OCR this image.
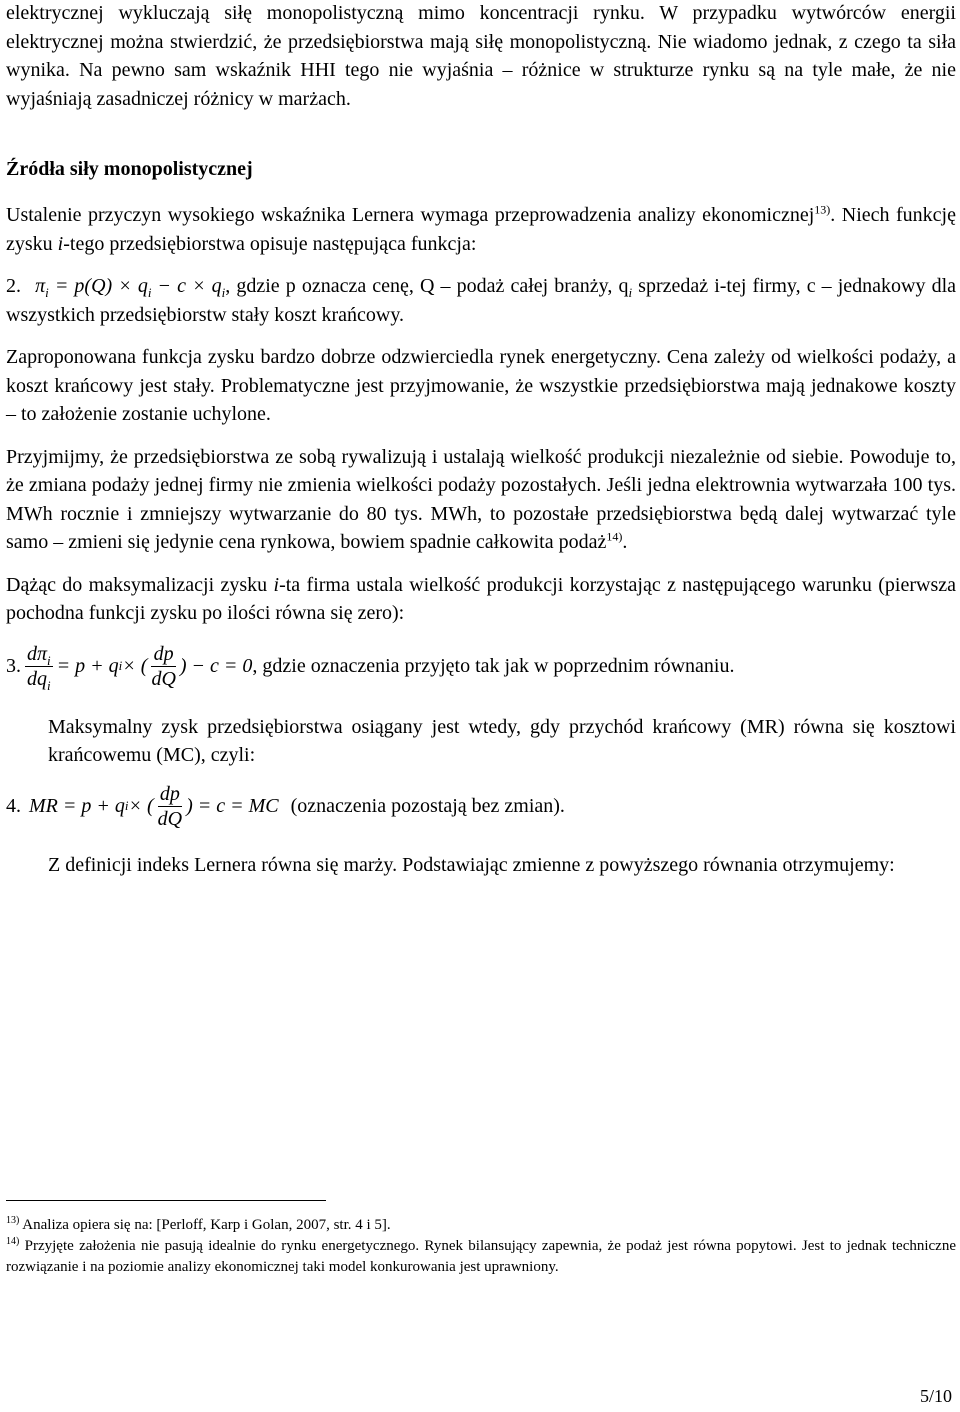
elektrycznej wykluczają siłę monopolistyczną mimo koncentracji rynku. W przypadku wytwórców energii elektrycznej można stwierdzić, że przedsiębiorstwa mają siłę monopolistyczną. Nie wiadomo jednak, z czego ta siła wynika. Na pewno sam wskaźnik HHI tego nie wyjaśnia – różnice w strukturze rynku są na tyle małe, że nie wyjaśniają zasadniczej różnicy w marżach.

Źródła siły monopolistycznej

Ustalenie przyczyn wysokiego wskaźnika Lernera wymaga przeprowadzenia analizy ekonomicznej$^{13)}$. Niech funkcję zysku i-tego przedsiębiorstwa opisuje następująca funkcja:

2. $\pi_i = p(Q) \times q_i - c \times q_i$, gdzie p oznacza cenę, Q – podaż całej branży, $q_i$ sprzedaż i-tej firmy, c – jednakowy dla wszystkich przedsiębiorstw stały koszt krańcowy.

Zaproponowana funkcja zysku bardzo dobrze odzwierciedla rynek energetyczny. Cena zależy od wielkości podaży, a koszt krańcowy jest stały. Problematyczne jest przyjmowanie, że wszystkie przedsiębiorstwa mają jednakowe koszty – to założenie zostanie uchylone.

Przyjmijmy, że przedsiębiorstwa ze sobą rywalizują i ustalają wielkość produkcji niezależnie od siebie. Powoduje to, że zmiana podaży jednej firmy nie zmienia wielkości podaży pozostałych. Jeśli jedna elektrownia wytwarzała 100 tys. MWh rocznie i zmniejszy wytwarzanie do 80 tys. MWh, to pozostałe przedsiębiorstwa będą dalej wytwarzać tyle samo – zmieni się jedynie cena rynkowa, bowiem spadnie całkowita podaż$^{14)}$.

Dążąc do maksymalizacji zysku i-ta firma ustala wielkość produkcji korzystając z następującego warunku (pierwsza pochodna funkcji zysku po ilości równa się zero):

3. $\frac{d\pi_i}{dq_i} = p + q$ i × ( $\frac{dp}{dQ}$ ) − c = 0 , gdzie oznaczenia przyjęto tak jak w poprzednim równaniu.

Maksymalny zysk przedsiębiorstwa osiągany jest wtedy, gdy przychód krańcowy (MR) równa się kosztowi krańcowemu (MC), czyli:

4. MR = p + q i × ( $\frac{dp}{dQ}$ ) = c = MC (oznaczenia pozostają bez zmian).

Z definicji indeks Lernera równa się marży. Podstawiając zmienne z powyższego równania otrzymujemy:

$^{13)}$ Analiza opiera się na: [Perloff, Karp i Golan, 2007, str. 4 i 5].

$^{14)}$ Przyjęte założenia nie pasują idealnie do rynku energetycznego. Rynek bilansujący zapewnia, że podaż jest równa popytowi. Jest to jednak techniczne rozwiązanie i na poziomie analizy ekonomicznej taki model konkurowania jest uprawniony.

5/10
